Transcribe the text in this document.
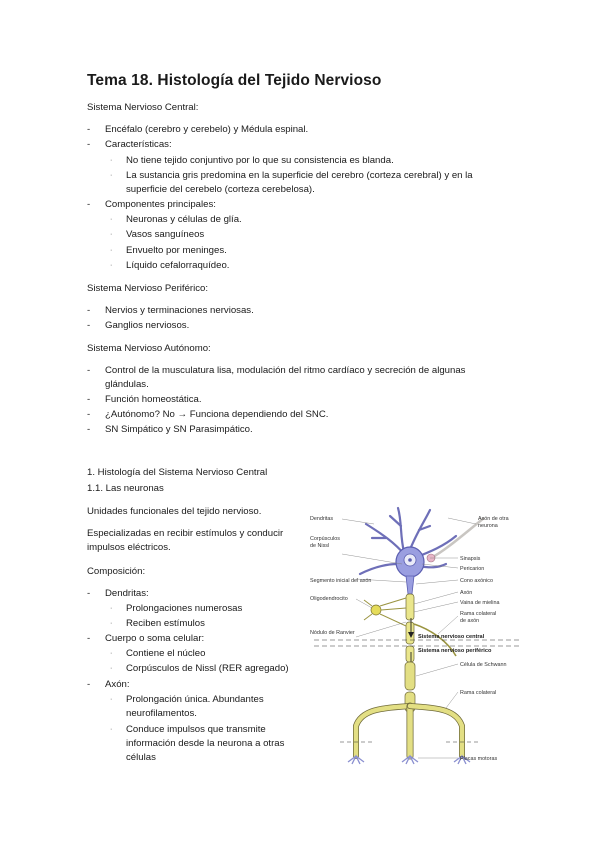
Tema 18. Histología del Tejido Nervioso
Sistema Nervioso Central:
- Encéfalo (cerebro y cerebelo) y Médula espinal.
- Características:
· No tiene tejido conjuntivo por lo que su consistencia es blanda.
· La sustancia gris predomina en la superficie del cerebro (corteza cerebral) y en la
superficie del cerebelo (corteza cerebelosa).
- Componentes principales:
· Neuronas y células de glía.
· Vasos sanguíneos
· Envuelto por meninges.
· Líquido cefalorraquídeo.
Sistema Nervioso Periférico:
- Nervios y terminaciones nerviosas.
- Ganglios nerviosos.
Sistema Nervioso Autónomo:
- Control de la musculatura lisa, modulación del ritmo cardíaco y secreción de algunas
glándulas.
- Función homeostática.
- ¿Autónomo? No → Funciona dependiendo del SNC.
- SN Simpático y SN Parasimpático.
1. Histología del Sistema Nervioso Central
1.1. Las neuronas
Unidades funcionales del tejido nervioso.
Especializadas en recibir estímulos y conducir
impulsos eléctricos.
Composición:
- Dendritas:
· Prolongaciones numerosas
· Reciben estímulos
- Cuerpo o soma celular:
· Contiene el núcleo
· Corpúsculos de Nissl (RER agregado)
- Axón:
· Prolongación única. Abundantes
neurofilamentos.
· Conduce impulsos que transmite
información desde la neurona a otras
células
Dendritas
Corpúsculos
de Nissl
Segmento inicial del axón
Oligodendrocito
Nódulo de Ranvier
Axón de otra
neurona
Sinapsis
Pericarion
Cono axónico
Axón
Vaina de mielina
Rama colateral
de axón
Sistema nervioso central
Sistema nervioso periférico
Célula de Schwann
Rama colateral
Placas motoras
